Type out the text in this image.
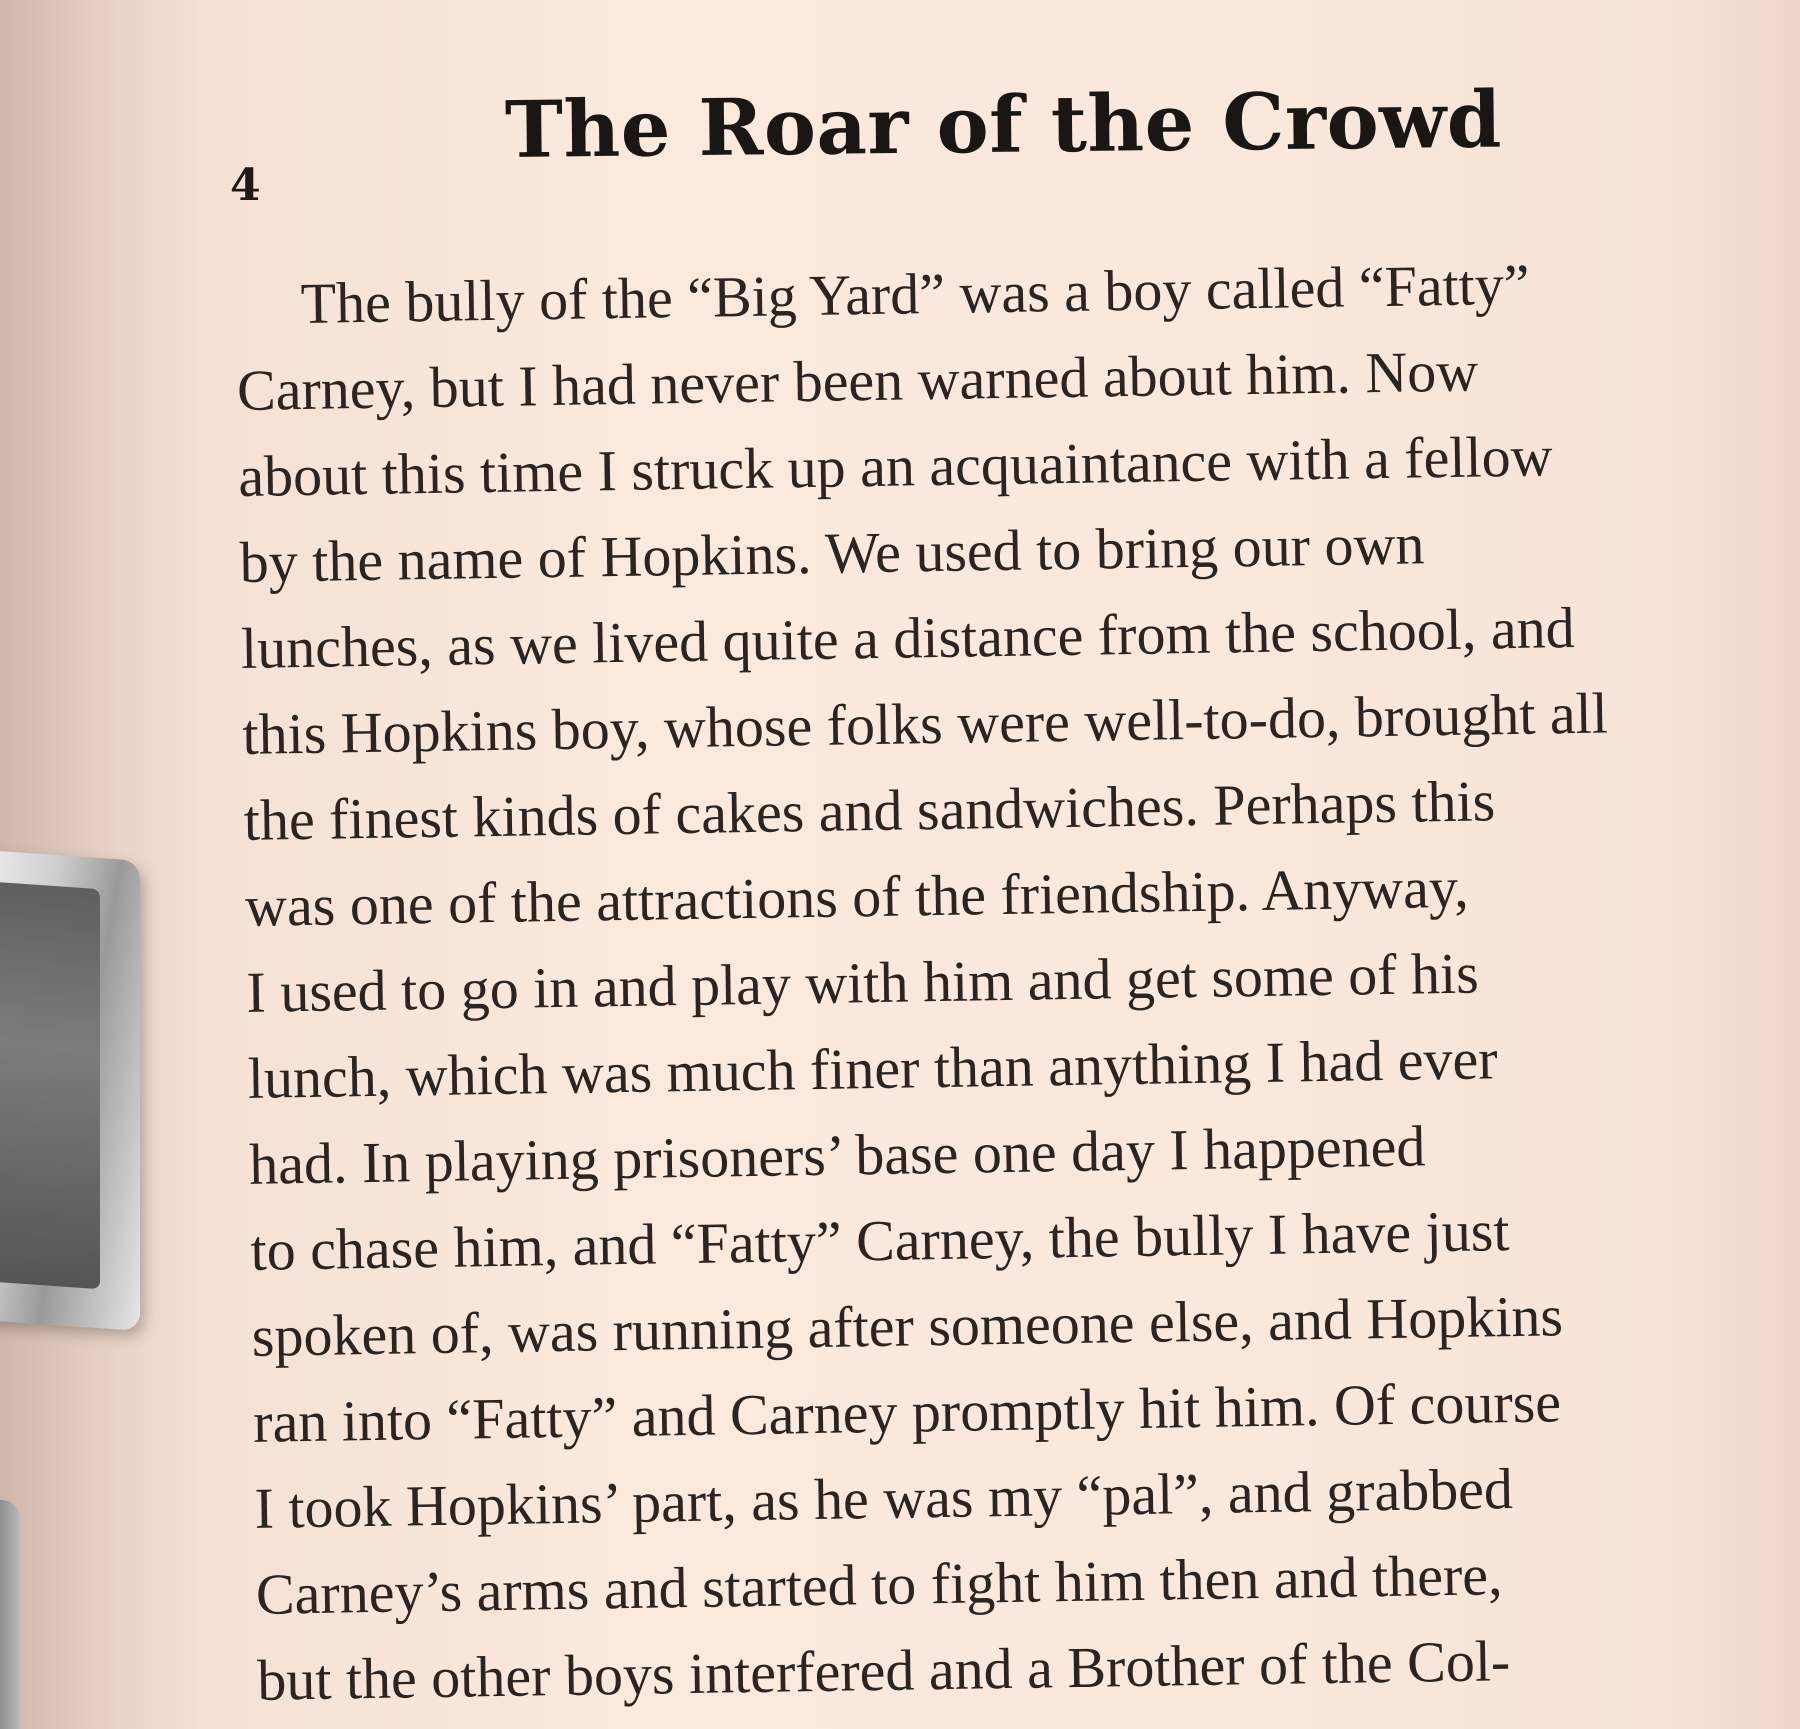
4

The Roar of the Crowd
The bully of the “Big Yard” was a boy called “Fatty”
Carney, but I had never been warned about him. Now
about this time I struck up an acquaintance with a fellow
by the name of Hopkins. We used to bring our own
lunches, as we lived quite a distance from the school, and
this Hopkins boy, whose folks were well-to-do, brought all
the finest kinds of cakes and sandwiches. Perhaps this
was one of the attractions of the friendship. Anyway,
I used to go in and play with him and get some of his
lunch, which was much finer than anything I had ever
had. In playing prisoners’ base one day I happened
to chase him, and “Fatty” Carney, the bully I have just
spoken of, was running after someone else, and Hopkins
ran into “Fatty” and Carney promptly hit him. Of course
I took Hopkins’ part, as he was my “pal”, and grabbed
Carney’s arms and started to fight him then and there,
but the other boys interfered and a Brother of the Col-
